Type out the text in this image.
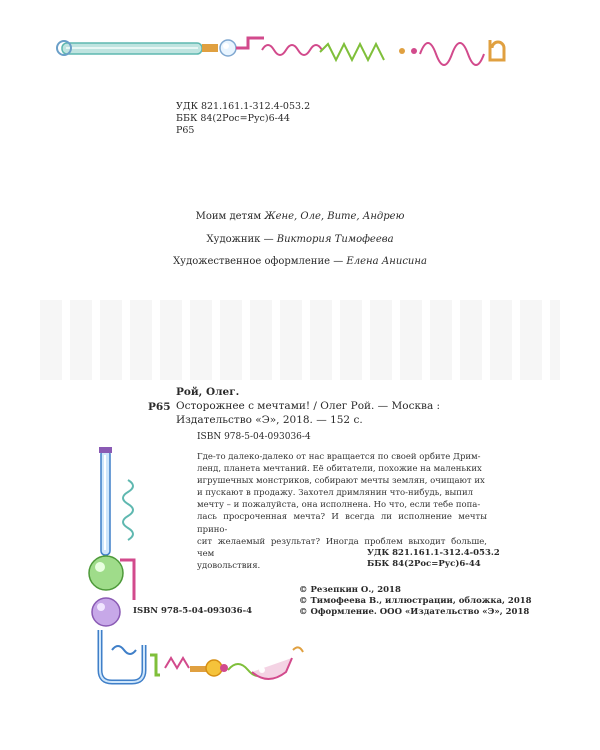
УДК 821.161.1-312.4-053.2
ББК 84(2Рос=Рус)6-44
Р65
Моим детям Жене, Оле, Вите, Андрею
Художник — Виктория Тимофеева
Художественное оформление — Елена Анисина
Р65
Рой, Олег.
Осторожнее с мечтами! / Олег Рой. — Москва :
Издательство «Э», 2018. — 152 с.
ISBN 978-5-04-093036-4
Где-то далеко-далеко от нас вращается по своей орбите Дрим-
ленд, планета мечтаний. Её обитатели, похожие на маленьких
игрушечных монстриков, собирают мечты землян, очищают их
и пускают в продажу. Захотел дримлянин что-нибудь, выпил
мечту – и пожалуйста, она исполнена. Но что, если тебе попа-
лась просроченная мечта? И всегда ли исполнение мечты прино-
сит желаемый результат? Иногда проблем выходит больше, чем
удовольствия.
УДК 821.161.1-312.4-053.2
ББК 84(2Рос=Рус)6-44
© Резепкин О., 2018
© Тимофеева В., иллюстрации, обложка, 2018
© Оформление. ООО «Издательство «Э», 2018
ISBN 978-5-04-093036-4
